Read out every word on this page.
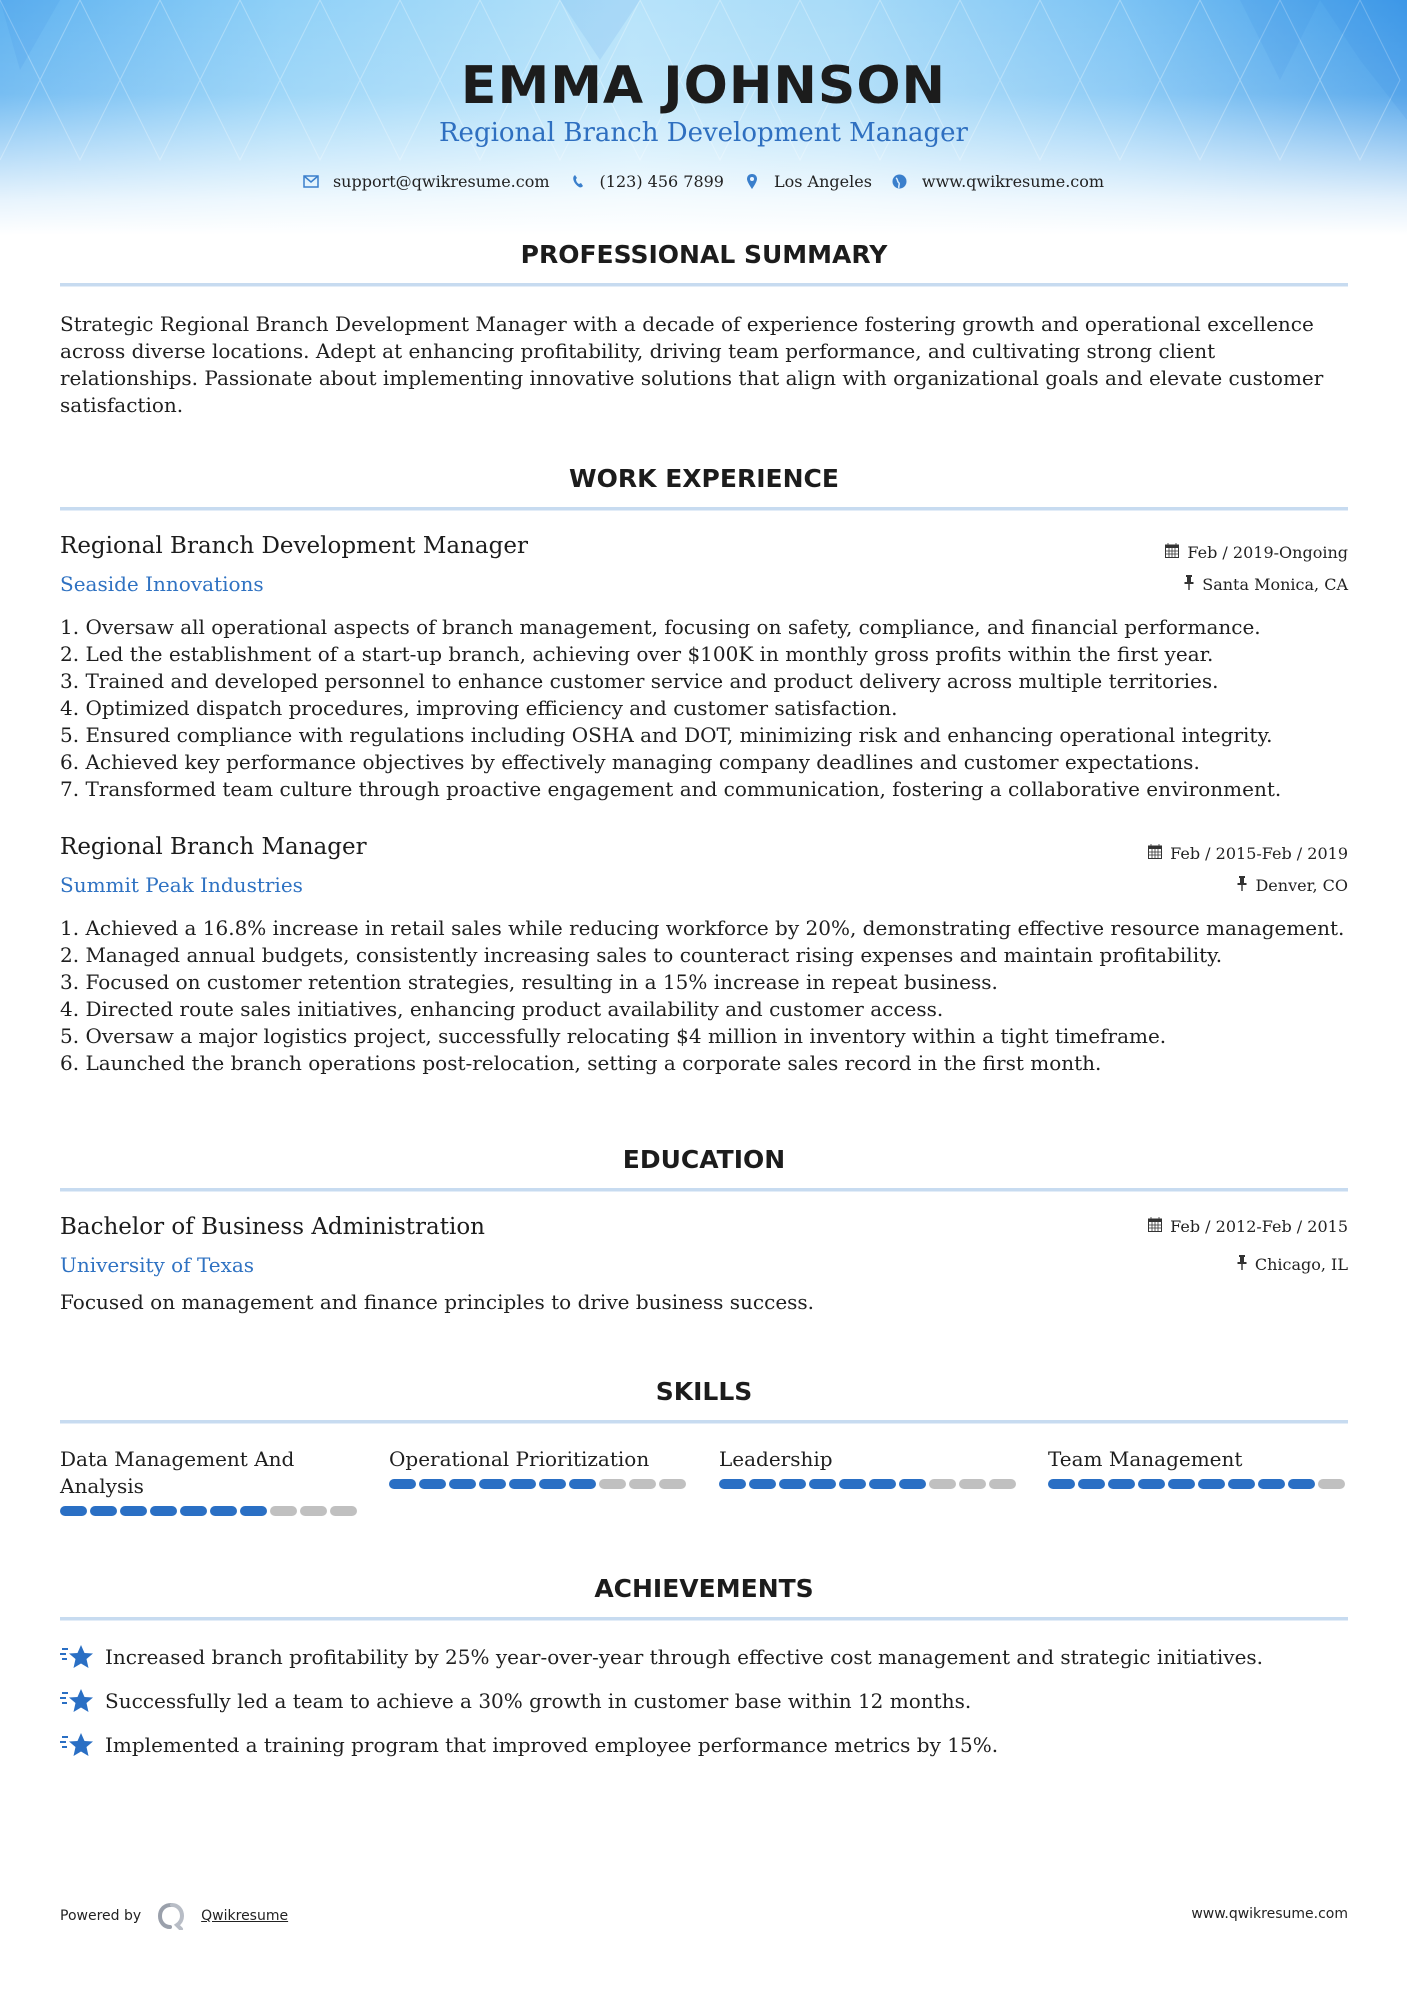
EMMA JOHNSON
Regional Branch Development Manager
support@qwikresume.com	(123) 456 7899	Los Angeles	www.qwikresume.com
PROFESSIONAL SUMMARY
Strategic Regional Branch Development Manager with a decade of experience fostering growth and operational excellence across diverse locations. Adept at enhancing profitability, driving team performance, and cultivating strong client relationships. Passionate about implementing innovative solutions that align with organizational goals and elevate customer satisfaction.
WORK EXPERIENCE
Regional Branch Development Manager	Feb / 2019-Ongoing
Seaside Innovations	Santa Monica, CA
1. Oversaw all operational aspects of branch management, focusing on safety, compliance, and financial performance.
2. Led the establishment of a start-up branch, achieving over $100K in monthly gross profits within the first year.
3. Trained and developed personnel to enhance customer service and product delivery across multiple territories.
4. Optimized dispatch procedures, improving efficiency and customer satisfaction.
5. Ensured compliance with regulations including OSHA and DOT, minimizing risk and enhancing operational integrity.
6. Achieved key performance objectives by effectively managing company deadlines and customer expectations.
7. Transformed team culture through proactive engagement and communication, fostering a collaborative environment.
Regional Branch Manager	Feb / 2015-Feb / 2019
Summit Peak Industries	Denver, CO
1. Achieved a 16.8% increase in retail sales while reducing workforce by 20%, demonstrating effective resource management.
2. Managed annual budgets, consistently increasing sales to counteract rising expenses and maintain profitability.
3. Focused on customer retention strategies, resulting in a 15% increase in repeat business.
4. Directed route sales initiatives, enhancing product availability and customer access.
5. Oversaw a major logistics project, successfully relocating $4 million in inventory within a tight timeframe.
6. Launched the branch operations post-relocation, setting a corporate sales record in the first month.
EDUCATION
Bachelor of Business Administration	Feb / 2012-Feb / 2015
University of Texas	Chicago, IL
Focused on management and finance principles to drive business success.
SKILLS
Data Management And Analysis
Operational Prioritization	Leadership	Team Management
ACHIEVEMENTS
Increased branch profitability by 25% year-over-year through effective cost management and strategic initiatives.
Successfully led a team to achieve a 30% growth in customer base within 12 months.
Implemented a training program that improved employee performance metrics by 15%.
Powered by	Qwikresume	www.qwikresume.com
